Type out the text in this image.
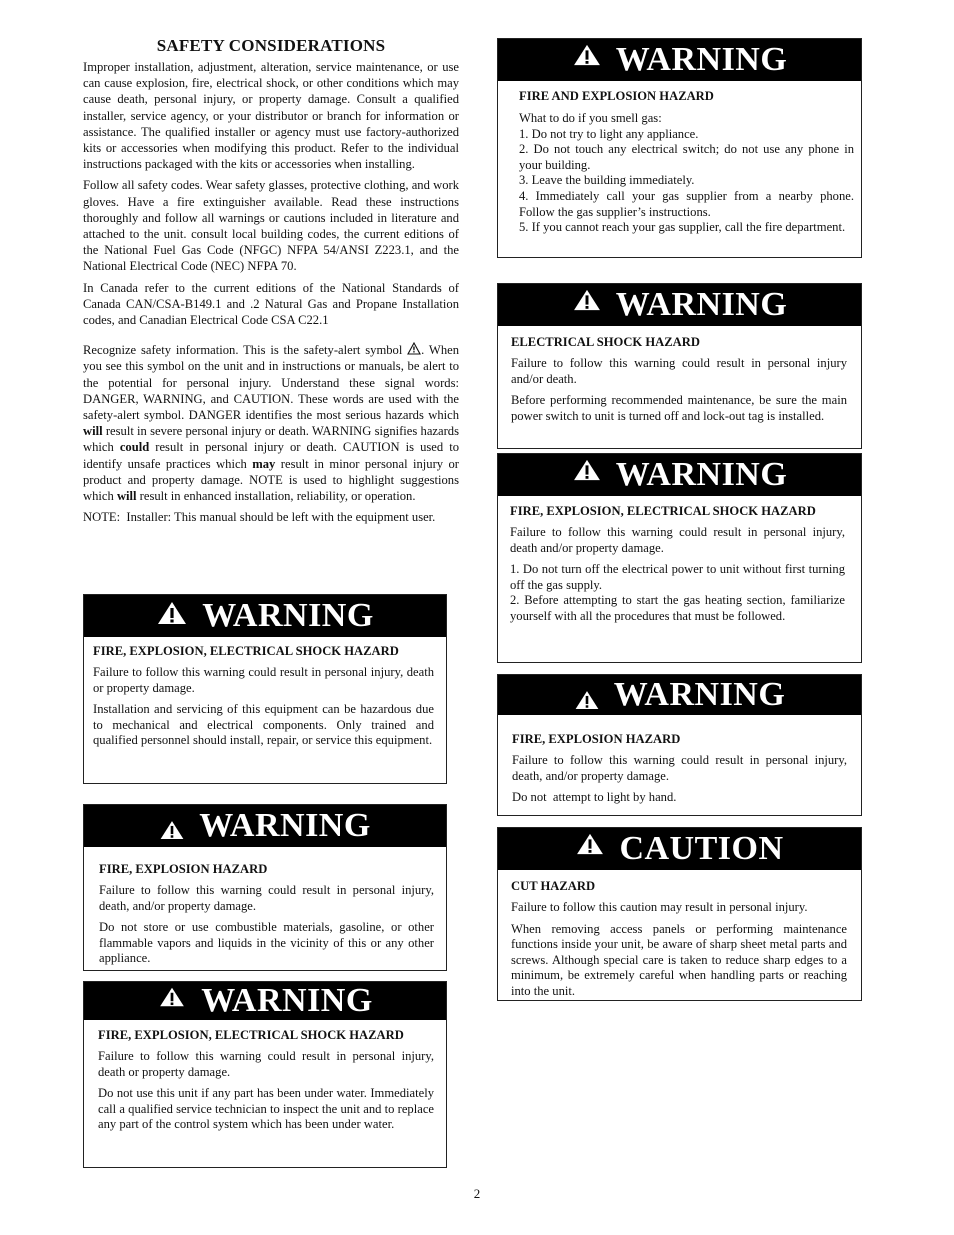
SAFETY CONSIDERATIONS

Improper installation, adjustment, alteration, service maintenance, or use can cause explosion, fire, electrical shock, or other conditions which may cause death, personal injury, or property damage. Consult a qualified installer, service agency, or your distributor or branch for information or assistance. The qualified installer or agency must use factory-authorized kits or accessories when modifying this product. Refer to the individual instructions packaged with the kits or accessories when installing.

Follow all safety codes. Wear safety glasses, protective clothing, and work gloves. Have a fire extinguisher available. Read these instructions thoroughly and follow all warnings or cautions included in literature and attached to the unit. consult local building codes, the current editions of the National Fuel Gas Code (NFGC) NFPA 54/ANSI Z223.1, and the National Electrical Code (NEC) NFPA 70.

In Canada refer to the current editions of the National Standards of Canada CAN/CSA-B149.1 and .2 Natural Gas and Propane Installation codes, and Canadian Electrical Code CSA C22.1

Recognize safety information. This is the safety-alert symbol ! . When you see this symbol on the unit and in instructions or manuals, be alert to the potential for personal injury. Understand these signal words: DANGER, WARNING, and CAUTION. These words are used with the safety-alert symbol. DANGER identifies the most serious hazards which will result in severe personal injury or death. WARNING signifies hazards which could result in personal injury or death. CAUTION is used to identify unsafe practices which may result in minor personal injury or product and property damage. NOTE is used to highlight suggestions which will result in enhanced installation, reliability, or operation.

NOTE:  Installer: This manual should be left with the equipment user.

WARNING

FIRE, EXPLOSION, ELECTRICAL SHOCK HAZARD

Failure to follow this warning could result in personal injury, death or property damage.

Installation and servicing of this equipment can be hazardous due to mechanical and electrical components. Only trained and qualified personnel should install, repair, or service this equipment.

WARNING

FIRE, EXPLOSION HAZARD

Failure to follow this warning could result in personal injury, death, and/or property damage.

Do not store or use combustible materials, gasoline, or other flammable vapors and liquids in the vicinity of this or any other appliance.

WARNING

FIRE, EXPLOSION, ELECTRICAL SHOCK HAZARD

Failure to follow this warning could result in personal injury, death or property damage.

Do not use this unit if any part has been under water. Immediately call a qualified service technician to inspect the unit and to replace any part of the control system which has been under water.

WARNING

FIRE AND EXPLOSION HAZARD

What to do if you smell gas:

1. Do not try to light any appliance.

2. Do not touch any electrical switch; do not use any phone in your building.

3. Leave the building immediately.

4. Immediately call your gas supplier from a nearby phone. Follow the gas supplier’s instructions.

5. If you cannot reach your gas supplier, call the fire department.

WARNING

ELECTRICAL SHOCK HAZARD

Failure to follow this warning could result in personal injury and/or death.

Before performing recommended maintenance, be sure the main power switch to unit is turned off and lock-out tag is installed.

WARNING

FIRE, EXPLOSION, ELECTRICAL SHOCK HAZARD

Failure to follow this warning could result in personal injury, death and/or property damage.

1. Do not turn off the electrical power to unit without first turning off the gas supply.

2. Before attempting to start the gas heating section, familiarize yourself with all the procedures that must be followed.

WARNING

FIRE, EXPLOSION HAZARD

Failure to follow this warning could result in personal injury, death, and/or property damage.

Do not  attempt to light by hand.

CAUTION

CUT HAZARD

Failure to follow this caution may result in personal injury.

When removing access panels or performing maintenance functions inside your unit, be aware of sharp sheet metal parts and screws. Although special care is taken to reduce sharp edges to a minimum, be extremely careful when handling parts or reaching into the unit.

2
